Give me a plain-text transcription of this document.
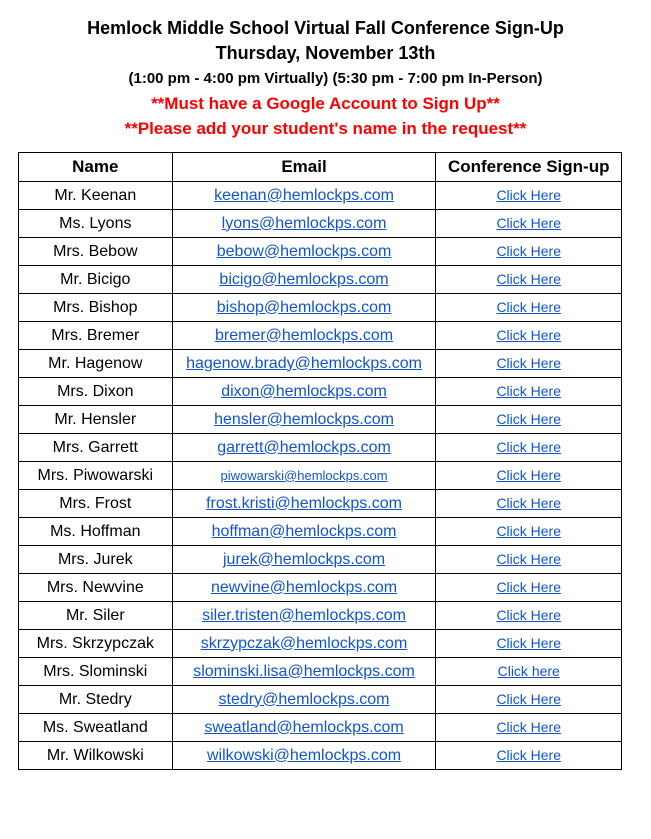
Hemlock Middle School Virtual Fall Conference Sign-Up
Thursday, November 13th
(1:00 pm - 4:00 pm Virtually) (5:30 pm - 7:00 pm In-Person)
**Must have a Google Account to Sign Up**
**Please add your student's name in the request**
Name	Email	Conference Sign-up
Mr. Keenan	keenan@hemlockps.com	Click Here
Ms. Lyons	lyons@hemlockps.com	Click Here
Mrs. Bebow	bebow@hemlockps.com	Click Here
Mr. Bicigo	bicigo@hemlockps.com	Click Here
Mrs. Bishop	bishop@hemlockps.com	Click Here
Mrs. Bremer	bremer@hemlockps.com	Click Here
Mr. Hagenow	hagenow.brady@hemlockps.com	Click Here
Mrs. Dixon	dixon@hemlockps.com	Click Here
Mr. Hensler	hensler@hemlockps.com	Click Here
Mrs. Garrett	garrett@hemlockps.com	Click Here
Mrs. Piwowarski	piwowarski@hemlockps.com	Click Here
Mrs. Frost	frost.kristi@hemlockps.com	Click Here
Ms. Hoffman	hoffman@hemlockps.com	Click Here
Mrs. Jurek	jurek@hemlockps.com	Click Here
Mrs. Newvine	newvine@hemlockps.com	Click Here
Mr. Siler	siler.tristen@hemlockps.com	Click Here
Mrs. Skrzypczak	skrzypczak@hemlockps.com	Click Here
Mrs. Slominski	slominski.lisa@hemlockps.com	Click here
Mr. Stedry	stedry@hemlockps.com	Click Here
Ms. Sweatland	sweatland@hemlockps.com	Click Here
Mr. Wilkowski	wilkowski@hemlockps.com	Click Here
